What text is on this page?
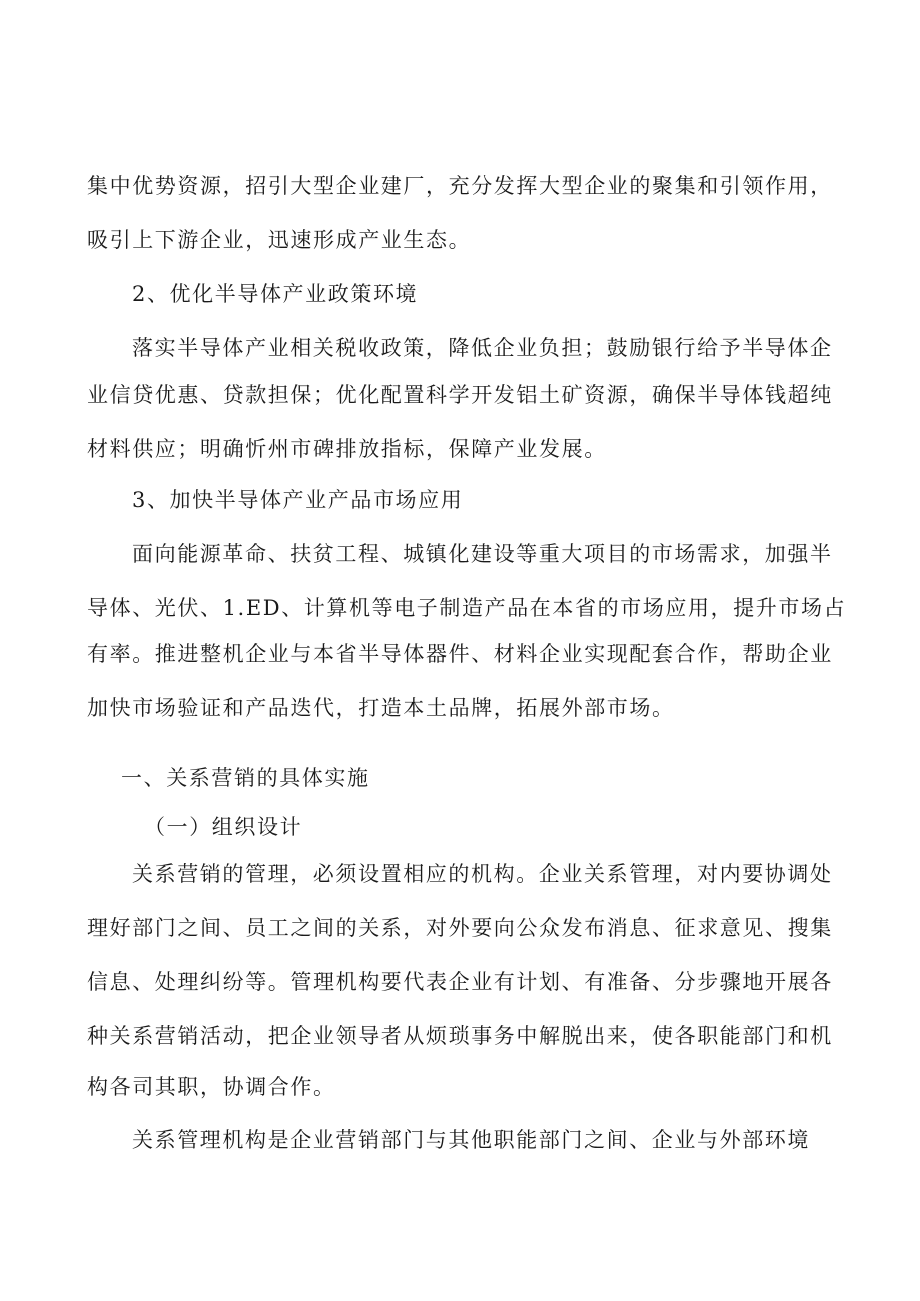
集中优势资源，招引大型企业建厂，充分发挥大型企业的聚集和引领作用，
吸引上下游企业，迅速形成产业生态。
2、优化半导体产业政策环境
落实半导体产业相关税收政策，降低企业负担；鼓励银行给予半导体企
业信贷优惠、贷款担保；优化配置科学开发铝土矿资源，确保半导体钱超纯
材料供应；明确忻州市碑排放指标，保障产业发展。
3、加快半导体产业产品市场应用
面向能源革命、扶贫工程、城镇化建设等重大项目的市场需求，加强半
导体、光伏、1.ED、计算机等电子制造产品在本省的市场应用，提升市场占
有率。推进整机企业与本省半导体器件、材料企业实现配套合作，帮助企业
加快市场验证和产品迭代，打造本土品牌，拓展外部市场。
一、关系营销的具体实施
（一）组织设计
关系营销的管理，必须设置相应的机构。企业关系管理，对内要协调处
理好部门之间、员工之间的关系，对外要向公众发布消息、征求意见、搜集
信息、处理纠纷等。管理机构要代表企业有计划、有准备、分步骤地开展各
种关系营销活动，把企业领导者从烦琐事务中解脱出来，使各职能部门和机
构各司其职，协调合作。
关系管理机构是企业营销部门与其他职能部门之间、企业与外部环境
